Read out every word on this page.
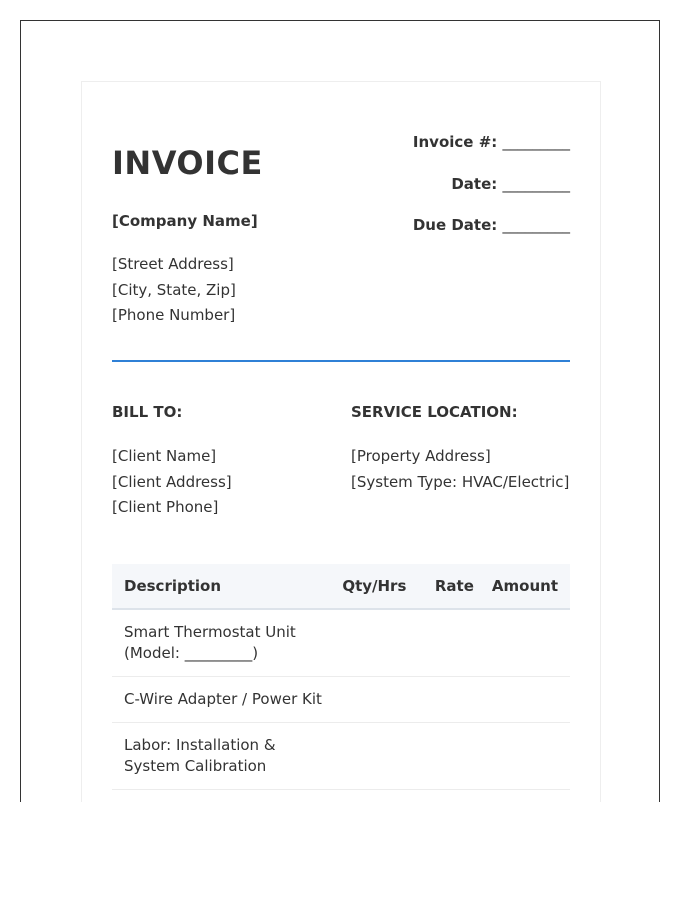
INVOICE
Invoice #: _________
Date: _________
Due Date: _________
[Company Name]
[Street Address]
[City, State, Zip]
[Phone Number]
BILL TO:	SERVICE LOCATION:
[Client Name]
[Client Address]
[Client Phone]
[Property Address]
[System Type: HVAC/Electric]
Description	Qty/Hrs	Rate	Amount
Smart Thermostat Unit (Model: _________)			
C-Wire Adapter / Power Kit			
Labor: Installation & System Calibration			
